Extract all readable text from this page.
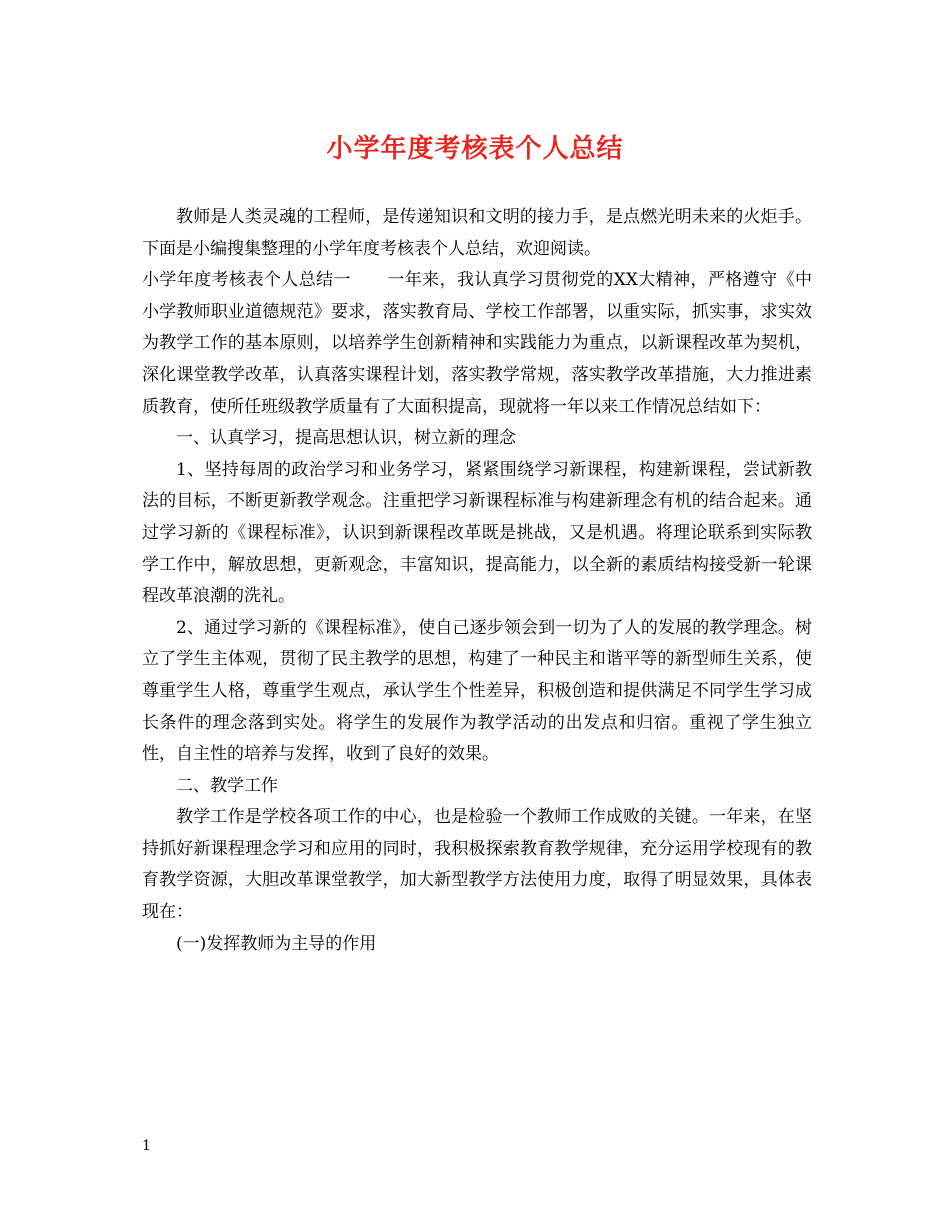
小学年度考核表个人总结

教师是人类灵魂的工程师，是传递知识和文明的接力手，是点燃光明未来的火炬手。下面是小编搜集整理的小学年度考核表个人总结，欢迎阅读。

小学年度考核表个人总结一 一年来，我认真学习贯彻党的XX大精神，严格遵守《中小学教师职业道德规范》要求，落实教育局、学校工作部署，以重实际，抓实事，求实效为教学工作的基本原则，以培养学生创新精神和实践能力为重点，以新课程改革为契机，深化课堂教学改革，认真落实课程计划，落实教学常规，落实教学改革措施，大力推进素质教育，使所任班级教学质量有了大面积提高，现就将一年以来工作情况总结如下：

一、认真学习，提高思想认识，树立新的理念

1、坚持每周的政治学习和业务学习，紧紧围绕学习新课程，构建新课程，尝试新教法的目标，不断更新教学观念。注重把学习新课程标准与构建新理念有机的结合起来。通过学习新的《课程标准》，认识到新课程改革既是挑战，又是机遇。将理论联系到实际教学工作中，解放思想，更新观念，丰富知识，提高能力，以全新的素质结构接受新一轮课程改革浪潮的洗礼。

2、通过学习新的《课程标准》，使自己逐步领会到一切为了人的发展的教学理念。树立了学生主体观，贯彻了民主教学的思想，构建了一种民主和谐平等的新型师生关系，使尊重学生人格，尊重学生观点，承认学生个性差异，积极创造和提供满足不同学生学习成长条件的理念落到实处。将学生的发展作为教学活动的出发点和归宿。重视了学生独立性，自主性的培养与发挥，收到了良好的效果。

二、教学工作

教学工作是学校各项工作的中心，也是检验一个教师工作成败的关键。一年来，在坚持抓好新课程理念学习和应用的同时，我积极探索教育教学规律，充分运用学校现有的教育教学资源，大胆改革课堂教学，加大新型教学方法使用力度，取得了明显效果，具体表现在：

(一)发挥教师为主导的作用

1
